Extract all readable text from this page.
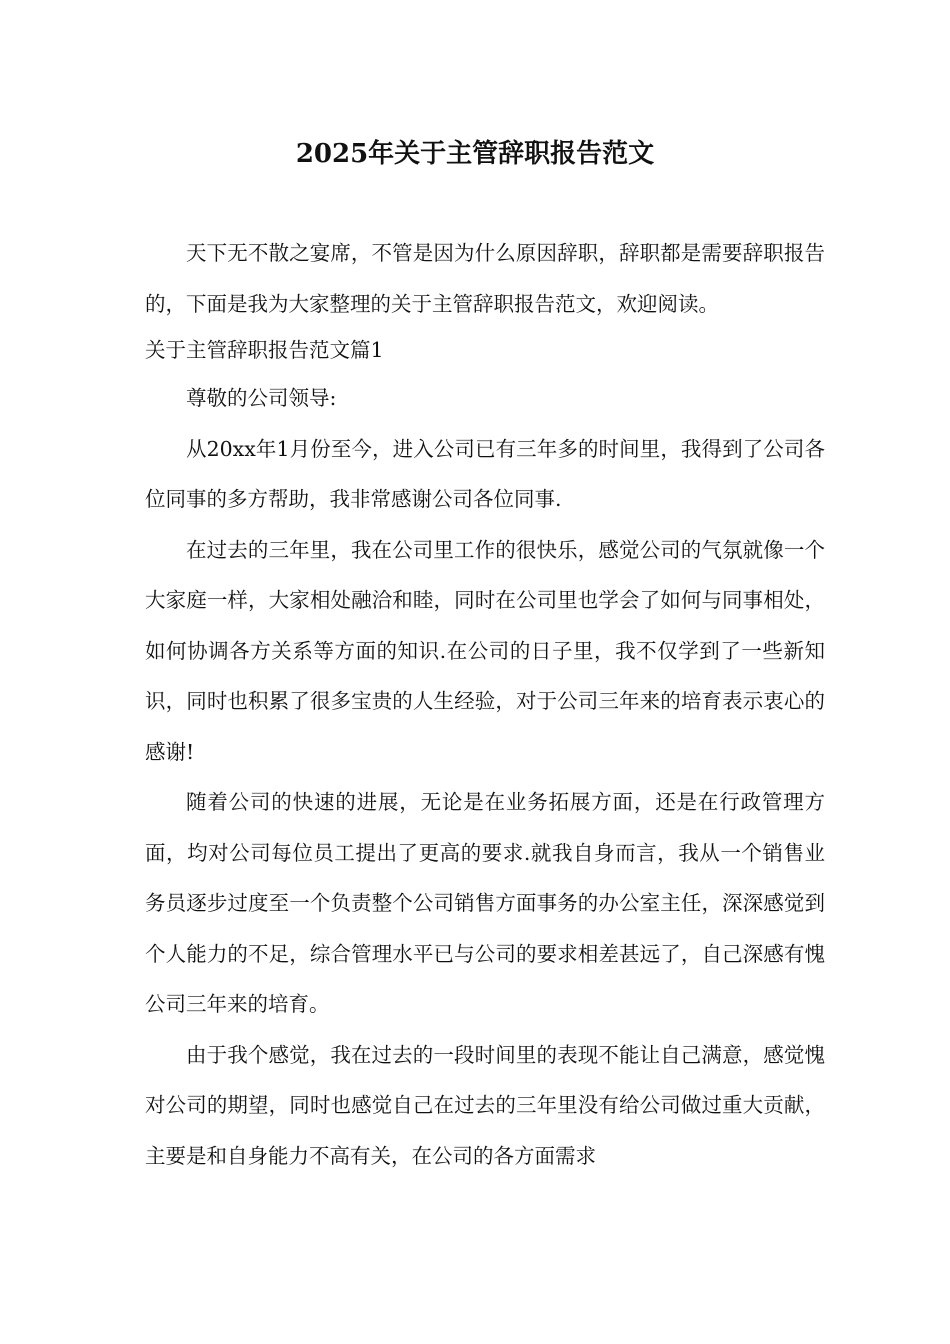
2025年关于主管辞职报告范文

天下无不散之宴席，不管是因为什么原因辞职，辞职都是需要辞职报告的，下面是我为大家整理的关于主管辞职报告范文，欢迎阅读。

关于主管辞职报告范文篇1

尊敬的公司领导:

从20xx年1月份至今，进入公司已有三年多的时间里，我得到了公司各位同事的多方帮助，我非常感谢公司各位同事.

在过去的三年里，我在公司里工作的很快乐，感觉公司的气氛就像一个大家庭一样，大家相处融洽和睦，同时在公司里也学会了如何与同事相处，如何协调各方关系等方面的知识.在公司的日子里，我不仅学到了一些新知识，同时也积累了很多宝贵的人生经验，对于公司三年来的培育表示衷心的感谢!

随着公司的快速的进展，无论是在业务拓展方面，还是在行政管理方面，均对公司每位员工提出了更高的要求.就我自身而言，我从一个销售业务员逐步过度至一个负责整个公司销售方面事务的办公室主任，深深感觉到个人能力的不足，综合管理水平已与公司的要求相差甚远了，自己深感有愧公司三年来的培育。

由于我个感觉，我在过去的一段时间里的表现不能让自己满意，感觉愧对公司的期望，同时也感觉自己在过去的三年里没有给公司做过重大贡献，主要是和自身能力不高有关，在公司的各方面需求
